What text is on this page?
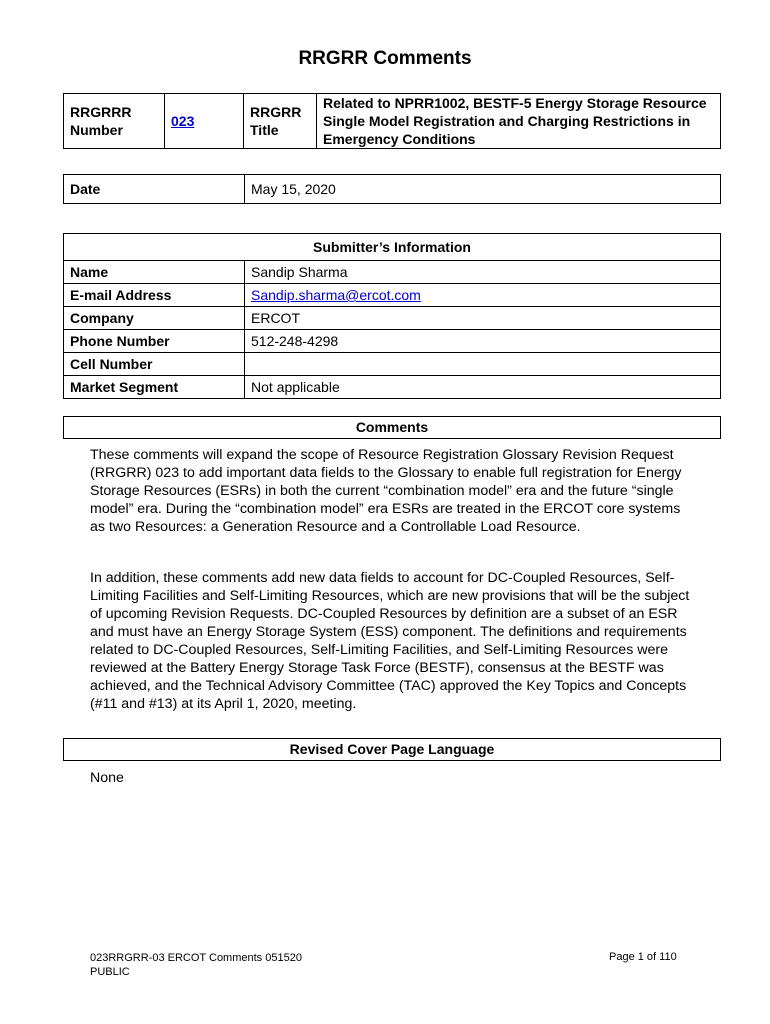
RRGRR Comments
RRGRRR Number	023	RRGRR Title	Related to NPRR1002, BESTF-5 Energy Storage Resource Single Model Registration and Charging Restrictions in Emergency Conditions
Date	May 15, 2020
Submitter’s Information	
Name	Sandip Sharma
E-mail Address	Sandip.sharma@ercot.com
Company	ERCOT
Phone Number	512-248-4298
Cell Number	
Market Segment	Not applicable
Comments

These comments will expand the scope of Resource Registration Glossary Revision Request (RRGRR) 023 to add important data fields to the Glossary to enable full registration for Energy Storage Resources (ESRs) in both the current “combination model” era and the future “single model” era. During the “combination model” era ESRs are treated in the ERCOT core systems as two Resources: a Generation Resource and a Controllable Load Resource.

In addition, these comments add new data fields to account for DC-Coupled Resources, Self-Limiting Facilities and Self-Limiting Resources, which are new provisions that will be the subject of upcoming Revision Requests. DC-Coupled Resources by definition are a subset of an ESR and must have an Energy Storage System (ESS) component. The definitions and requirements related to DC-Coupled Resources, Self-Limiting Facilities, and Self-Limiting Resources were reviewed at the Battery Energy Storage Task Force (BESTF), consensus at the BESTF was achieved, and the Technical Advisory Committee (TAC) approved the Key Topics and Concepts (#11 and #13) at its April 1, 2020, meeting.

Revised Cover Page Language

None

023RRGRR-03 ERCOT Comments 051520
PUBLIC
Page 1 of 110
